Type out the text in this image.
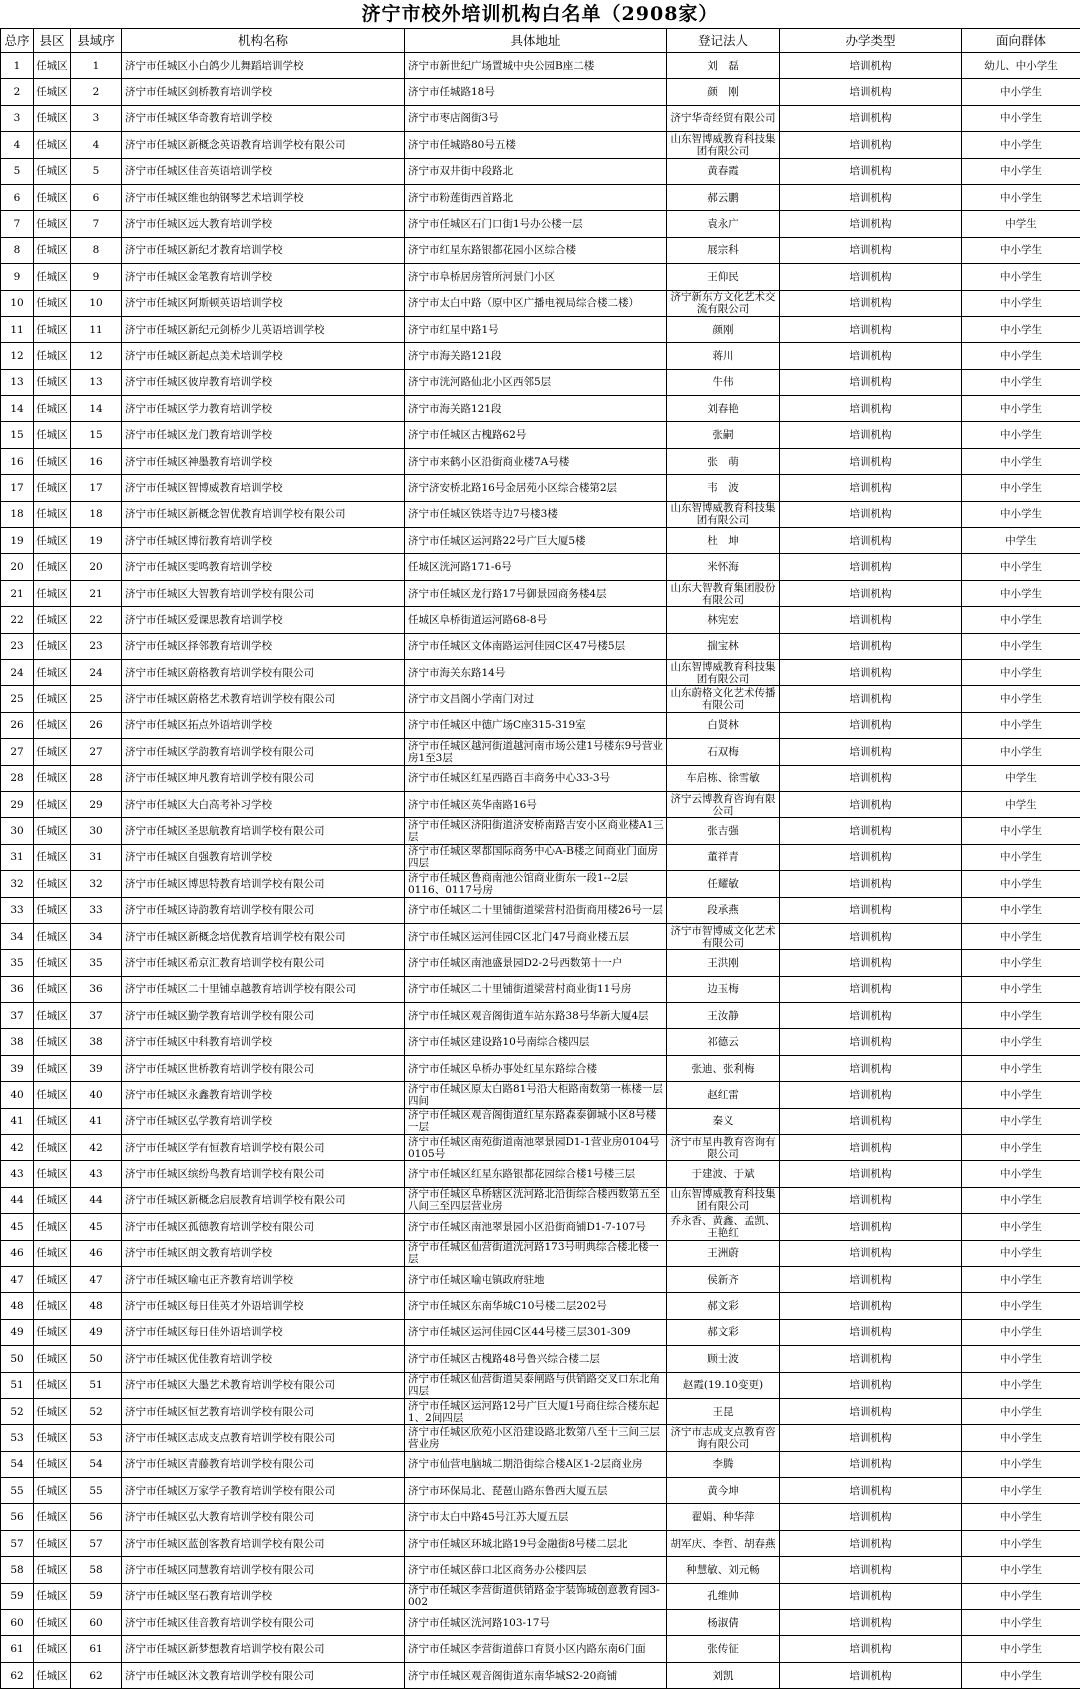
济宁市校外培训机构白名单（2908家）
总序	县区	县域序	机构名称	具体地址	登记法人	办学类型	面向群体
1	任城区	1	济宁市任城区小白鸽少儿舞蹈培训学校	济宁市新世纪广场置城中央公园B座二楼	刘　磊	培训机构	幼儿、中小学生
2	任城区	2	济宁市任城区剑桥教育培训学校	济宁市任城路18号	颜　刚	培训机构	中小学生
3	任城区	3	济宁市任城区华奇教育培训学校	济宁市枣店阁街3号	济宁华奇经贸有限公司	培训机构	中小学生
4	任城区	4	济宁市任城区新概念英语教育培训学校有限公司	济宁市任城路80号五楼	山东智博威教育科技集团有限公司	培训机构	中小学生
5	任城区	5	济宁市任城区佳音英语培训学校	济宁市双井街中段路北	黄春霞	培训机构	中小学生
6	任城区	6	济宁市任城区维也纳钢琴艺术培训学校	济宁市粉莲街西首路北	郝云鹏	培训机构	中小学生
7	任城区	7	济宁市任城区远大教育培训学校	济宁市任城区石门口街1号办公楼一层	袁永广	培训机构	中学生
8	任城区	8	济宁市任城区新纪才教育培训学校	济宁市红星东路银都花园小区综合楼	展宗科	培训机构	中小学生
9	任城区	9	济宁市任城区金笔教育培训学校	济宁市阜桥居房管所河景门小区	王仰民	培训机构	中小学生
10	任城区	10	济宁市任城区阿斯顿英语培训学校	济宁市太白中路（原中区广播电视局综合楼二楼）	济宁新东方文化艺术交流有限公司	培训机构	中小学生
11	任城区	11	济宁市任城区新纪元剑桥少儿英语培训学校	济宁市红星中路1号	颜刚	培训机构	中小学生
12	任城区	12	济宁市任城区新起点美术培训学校	济宁市海关路121段	蒋川	培训机构	中小学生
13	任城区	13	济宁市任城区彼岸教育培训学校	济宁市洸河路仙北小区西邻5层	牛伟	培训机构	中小学生
14	任城区	14	济宁市任城区学力教育培训学校	济宁市海关路121段	刘春艳	培训机构	中小学生
15	任城区	15	济宁市任城区龙门教育培训学校	济宁市任城区古槐路62号	张嗣	培训机构	中小学生
16	任城区	16	济宁市任城区神墨教育培训学校	济宁市来鹤小区沿街商业楼7A号楼	张　萌	培训机构	中小学生
17	任城区	17	济宁市任城区智博威教育培训学校	济宁济安桥北路16号金居苑小区综合楼第2层	韦　波	培训机构	中小学生
18	任城区	18	济宁市任城区新概念智优教育培训学校有限公司	济宁市任城区铁塔寺边7号楼3楼	山东智博威教育科技集团有限公司	培训机构	中小学生
19	任城区	19	济宁市任城区博衍教育培训学校	济宁市任城区运河路22号广巨大厦5楼	杜　坤	培训机构	中学生
20	任城区	20	济宁市任城区雯鸣教育培训学校	任城区洸河路171-6号	米怀海	培训机构	中小学生
21	任城区	21	济宁市任城区大智教育培训学校有限公司	济宁市任城区龙行路17号御景园商务楼4层	山东大智教育集团股份有限公司	培训机构	中小学生
22	任城区	22	济宁市任城区爱课思教育培训学校	任城区阜桥街道运河路68-8号	林宪宏	培训机构	中小学生
23	任城区	23	济宁市任城区择邻教育培训学校	济宁市任城区文体南路运河佳园C区47号楼5层	揣宝林	培训机构	中小学生
24	任城区	24	济宁市任城区蔚格教育培训学校有限公司	济宁市海关东路14号	山东智博威教育科技集团有限公司	培训机构	中小学生
25	任城区	25	济宁市任城区蔚格艺术教育培训学校有限公司	济宁市文昌阁小学南门对过	山东蔚格文化艺术传播有限公司	培训机构	中小学生
26	任城区	26	济宁市任城区拓点外语培训学校	济宁市任城区中德广场C座315-319室	白贤林	培训机构	中小学生
27	任城区	27	济宁市任城区学韵教育培训学校有限公司	济宁市任城区越河街道越河南市场公建1号楼东9号营业房1至3层	石双梅	培训机构	中小学生
28	任城区	28	济宁市任城区坤凡教育培训学校有限公司	济宁市任城区红星西路百丰商务中心33-3号	车启栋、徐雪敏	培训机构	中学生
29	任城区	29	济宁市任城区大白高考补习学校	济宁市任城区英华南路16号	济宁云博教育咨询有限公司	培训机构	中学生
30	任城区	30	济宁市任城区圣思航教育培训学校有限公司	济宁市任城区济阳街道济安桥南路吉安小区商业楼A1三层	张吉强	培训机构	中小学生
31	任城区	31	济宁市任城区自强教育培训学校	济宁市任城区翠都国际商务中心A-B楼之间商业门面房四层	董祥青	培训机构	中小学生
32	任城区	32	济宁市任城区博思特教育培训学校有限公司	济宁市任城区鲁商南池公馆商业街东一段1--2层0116、0117号房	任耀敏	培训机构	中小学生
33	任城区	33	济宁市任城区诗韵教育培训学校有限公司	济宁市任城区二十里铺街道梁营村沿街商用楼26号一层	段承燕	培训机构	中小学生
34	任城区	34	济宁市任城区新概念培优教育培训学校有限公司	济宁市任城区运河佳园C区北门47号商业楼五层	济宁市智博威文化艺术有限公司	培训机构	中小学生
35	任城区	35	济宁市任城区希京汇教育培训学校有限公司	济宁市任城区南池盛景园D2-2号西数第十一户	王洪刚	培训机构	中小学生
36	任城区	36	济宁市任城区二十里铺卓越教育培训学校有限公司	济宁市任城区二十里铺街道梁营村商业街11号房	边玉梅	培训机构	中小学生
37	任城区	37	济宁市任城区勤学教育培训学校有限公司	济宁市任城区观音阁街道车站东路38号华新大厦4层	王汝静	培训机构	中小学生
38	任城区	38	济宁市任城区中科教育培训学校	济宁市任城区建设路10号南综合楼四层	祁德云	培训机构	中小学生
39	任城区	39	济宁市任城区世桥教育培训学校有限公司	济宁市任城区阜桥办事处红星东路综合楼	张迪、张利梅	培训机构	中小学生
40	任城区	40	济宁市任城区永鑫教育培训学校	济宁市任城区原太白路81号沿大柜路南数第一栋楼一层四间	赵红雷	培训机构	中小学生
41	任城区	41	济宁市任城区弘学教育培训学校	济宁市任城区观音阁街道红星东路森泰御城小区8号楼一层	秦义	培训机构	中小学生
42	任城区	42	济宁市任城区学有恒教育培训学校有限公司	济宁市任城区南苑街道南池翠景园D1-1营业房0104号0105号	济宁市星冉教育咨询有限公司	培训机构	中小学生
43	任城区	43	济宁市任城区缤纷鸟教育培训学校有限公司	济宁市任城区红星东路银都花园综合楼1号楼三层	于建波、于斌	培训机构	中小学生
44	任城区	44	济宁市任城区新概念启辰教育培训学校有限公司	济宁市任城区阜桥辖区洸河路北沿街综合楼西数第五至八间三至四层营业房	山东智博威教育科技集团有限公司	培训机构	中小学生
45	任城区	45	济宁市任城区孤德教育培训学校有限公司	济宁市任城区南池翠景园小区沿街商铺D1-7-107号	乔永香、黄鑫、孟凯、王艳红	培训机构	中小学生
46	任城区	46	济宁市任城区朗文教育培训学校	济宁市任城区仙营街道洸河路173号明典综合楼北楼一层	王洲蔚	培训机构	中小学生
47	任城区	47	济宁市任城区喻屯正齐教育培训学校	济宁市任城区喻屯镇政府驻地	侯新齐	培训机构	中小学生
48	任城区	48	济宁市任城区每日佳英才外语培训学校	济宁市任城区东南华城C10号楼二层202号	郝文彩	培训机构	中小学生
49	任城区	49	济宁市任城区每日佳外语培训学校	济宁市任城区运河佳园C区44号楼三层301-309	郝文彩	培训机构	中小学生
50	任城区	50	济宁市任城区优佳教育培训学校	济宁市任城区古槐路48号鲁兴综合楼二层	顾士波	培训机构	中小学生
51	任城区	51	济宁市任城区大墨艺术教育培训学校有限公司	济宁市任城区仙营街道吴泰闸路与供销路交叉口东北角四层	赵霞(19.10变更)	培训机构	中小学生
52	任城区	52	济宁市任城区恒艺教育培训学校有限公司	济宁市任城区运河路12号广巨大厦1号商住综合楼东起1、2间四层	王昆	培训机构	中小学生
53	任城区	53	济宁市任城区志成支点教育培训学校有限公司	济宁市任城区欣苑小区沿建设路北数第八至十三间三层营业房	济宁市志成支点教育咨询有限公司	培训机构	中小学生
54	任城区	54	济宁市任城区青藤教育培训学校有限公司	济宁市仙营电脑城二期沿街综合楼A区1-2层商业房	李腾	培训机构	中小学生
55	任城区	55	济宁市任城区万家学子教育培训学校有限公司	济宁市环保局北、琵琶山路东鲁西大厦五层	黄今坤	培训机构	中小学生
56	任城区	56	济宁市任城区弘大教育培训学校有限公司	济宁市太白中路45号江苏大厦五层	翟娟、种华萍	培训机构	中小学生
57	任城区	57	济宁市任城区蓝创客教育培训学校有限公司	济宁市任城区环城北路19号金融街8号楼二层北	胡军庆、李哲、胡春燕	培训机构	中小学生
58	任城区	58	济宁市任城区同慧教育培训学校有限公司	济宁市任城区薛口北区商务办公楼四层	种慧敏、刘元畅	培训机构	中小学生
59	任城区	59	济宁市任城区坚石教育培训学校	济宁市任城区李营街道供销路金宇装饰城创意教育园3-002	孔维帅	培训机构	中小学生
60	任城区	60	济宁市任城区佳音教育培训学校有限公司	济宁市任城区洸河路103-17号	杨淑倩	培训机构	中小学生
61	任城区	61	济宁市任城区新梦想教育培训学校有限公司	济宁市任城区李营街道薛口育贤小区内路东南6门面	张传征	培训机构	中小学生
62	任城区	62	济宁市任城区沐文教育培训学校有限公司	济宁市任城区观音阁街道东南华城S2-20商铺	刘凯	培训机构	中小学生
